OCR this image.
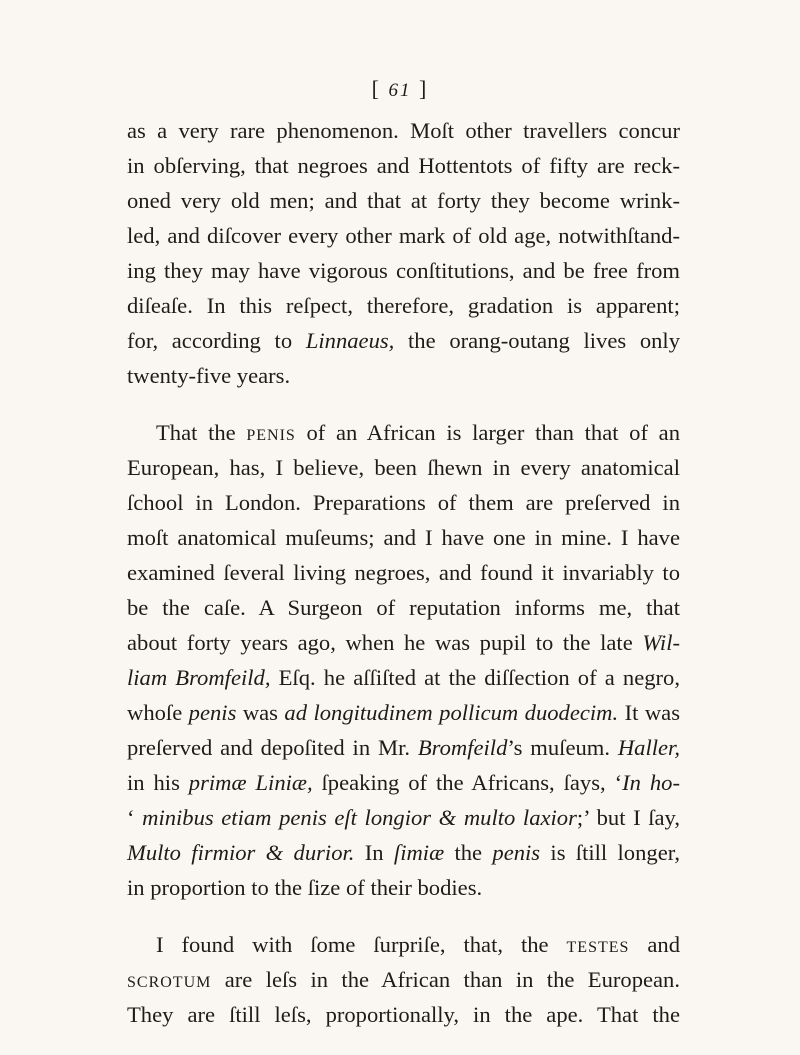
[ 61 ]
as a very rare phenomenon. Moſt other travellers concur
in obſerving, that negroes and Hottentots of fifty are reck-
oned very old men; and that at forty they become wrink-
led, and diſcover every other mark of old age, notwithſtand-
ing they may have vigorous conſtitutions, and be free from
diſeaſe. In this reſpect, therefore, gradation is apparent;
for, according to Linnaeus, the orang-outang lives only
twenty-five years.
That the penis of an African is larger than that of an
European, has, I believe, been ſhewn in every anatomical
ſchool in London. Preparations of them are preſerved in
moſt anatomical muſeums; and I have one in mine. I have
examined ſeveral living negroes, and found it invariably to
be the caſe. A Surgeon of reputation informs me, that
about forty years ago, when he was pupil to the late Wil-
liam Bromfeild, Eſq. he aſſiſted at the diſſection of a negro,
whoſe penis was ad longitudinem pollicum duodecim. It was
preſerved and depoſited in Mr. Bromfeild’s muſeum. Haller,
in his primæ Liniæ, ſpeaking of the Africans, ſays, ‘In ho-
‘ minibus etiam penis eſt longior & multo laxior;’ but I ſay,
Multo firmior & durior. In ſimiæ the penis is ſtill longer,
in proportion to the ſize of their bodies.
I found with ſome ſurpriſe, that, the testes and
scrotum are leſs in the African than in the European.
They are ſtill leſs, proportionally, in the ape. That the
